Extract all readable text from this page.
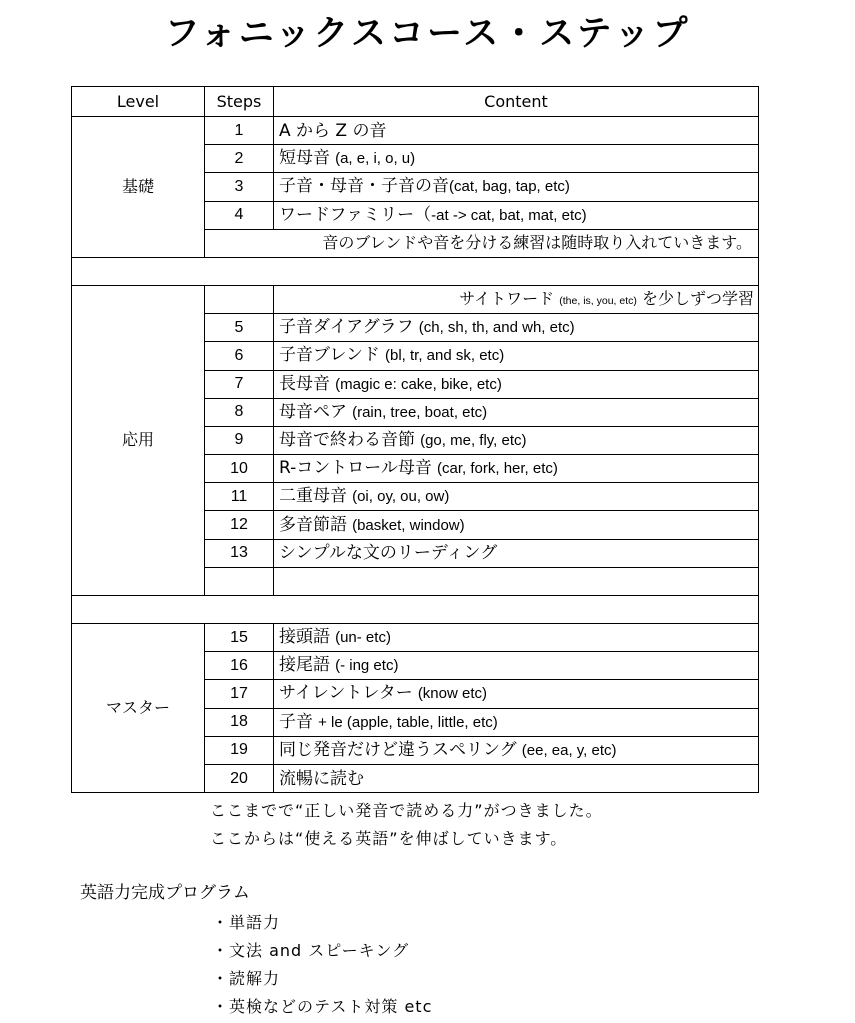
フォニックスコース・ステップ
Level	Steps	Content
基礎	1	A から Z の音
	2	短母音 (a, e, i, o, u)
	3	子音・母音・子音の音(cat, bag, tap, etc)
	4	ワードファミリー（-at -> cat, bat, mat, etc)
	音のブレンドや音を分ける練習は随時取り入れていきます。	

応用		サイトワード (the, is, you, etc) を少しずつ学習
	5	子音ダイアグラフ (ch, sh, th, and wh, etc)
	6	子音ブレンド (bl, tr, and sk, etc)
	7	長母音 (magic e: cake, bike, etc)
	8	母音ペア (rain, tree, boat, etc)
	9	母音で終わる音節 (go, me, fly, etc)
	10	R-コントロール母音 (car, fork, her, etc)
	11	二重母音 (oi, oy, ou, ow)
	12	多音節語 (basket, window)
	13	シンプルな文のリーディング

マスター	15	接頭語 (un- etc)
	16	接尾語 (- ing etc)
	17	サイレントレター (know etc)
	18	子音 + le (apple, table, little, etc)
	19	同じ発音だけど違うスペリング (ee, ea, y, etc)
	20	流暢に読む
ここまでで“正しい発音で読める力”がつきました。
ここからは“使える英語”を伸ばしていきます。
英語力完成プログラム
・単語力
・文法 and スピーキング
・読解力
・英検などのテスト対策 etc
